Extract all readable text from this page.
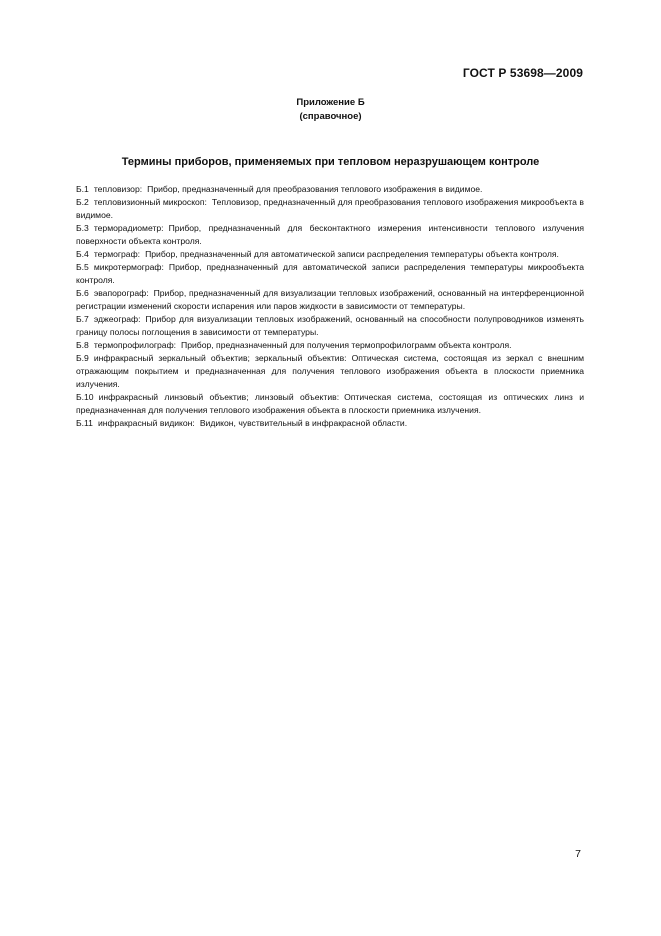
ГОСТ Р 53698—2009
Приложение Б
(справочное)
Термины приборов, применяемых при тепловом неразрушающем контроле

Б.1 тепловизор: Прибор, предназначенный для преобразования теплового изображения в видимое.

Б.2 тепловизионный микроскоп: Тепловизор, предназначенный для преобразования теплового изображения микрообъекта в видимое.

Б.3 терморадиометр: Прибор, предназначенный для бесконтактного измерения интенсивности теплового излучения поверхности объекта контроля.

Б.4 термограф: Прибор, предназначенный для автоматической записи распределения температуры объекта контроля.

Б.5 микротермограф: Прибор, предназначенный для автоматической записи распределения температуры микрообъекта контроля.

Б.6 эвапорограф: Прибор, предназначенный для визуализации тепловых изображений, основанный на интерференционной регистрации изменений скорости испарения или паров жидкости в зависимости от температуры.

Б.7 эджеограф: Прибор для визуализации тепловых изображений, основанный на способности полупроводников изменять границу полосы поглощения в зависимости от температуры.

Б.8 термопрофилограф: Прибор, предназначенный для получения термопрофилограмм объекта контроля.

Б.9 инфракрасный зеркальный объектив; зеркальный объектив: Оптическая система, состоящая из зеркал с внешним отражающим покрытием и предназначенная для получения теплового изображения объекта в плоскости приемника излучения.

Б.10 инфракрасный линзовый объектив; линзовый объектив: Оптическая система, состоящая из оптических линз и предназначенная для получения теплового изображения объекта в плоскости приемника излучения.

Б.11 инфракрасный видикон: Видикон, чувствительный в инфракрасной области.

7
